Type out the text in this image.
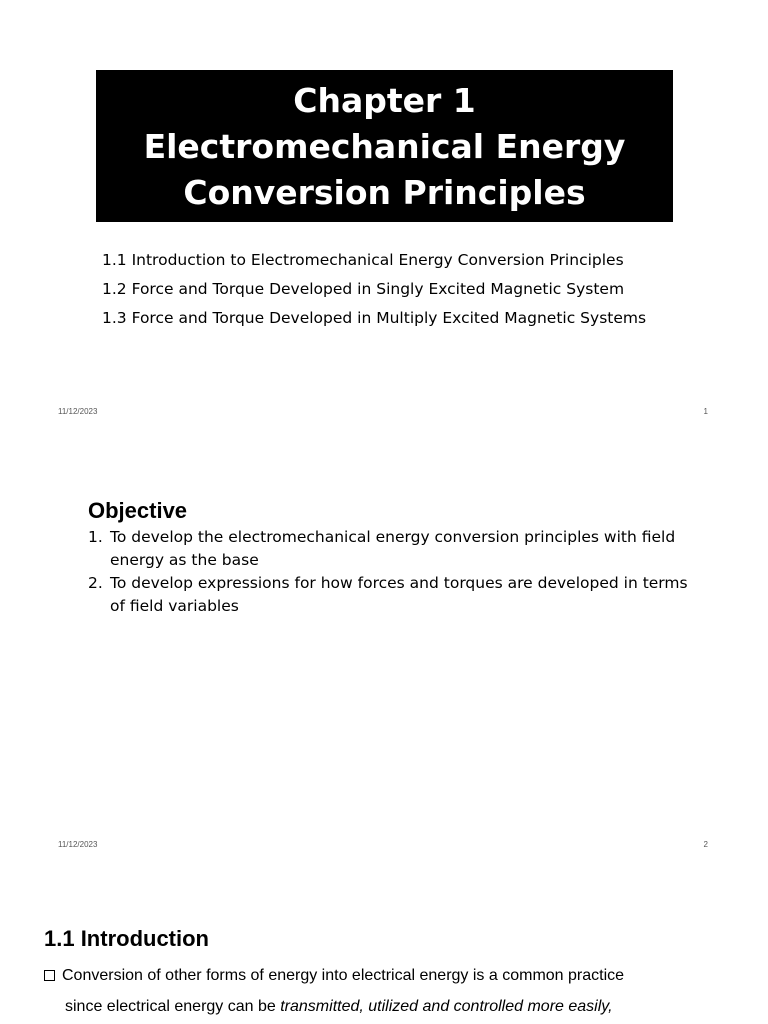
Chapter 1
Electromechanical Energy
Conversion Principles
1.1 Introduction to Electromechanical Energy Conversion Principles
1.2 Force and Torque Developed in Singly Excited Magnetic System
1.3 Force and Torque Developed in Multiply Excited Magnetic Systems
11/12/2023	1
Objective
1. To develop the electromechanical energy conversion principles with field energy as the base
2. To develop expressions for how forces and torques are developed in terms of field variables
11/12/2023	2
1.1 Introduction
Conversion of other forms of energy into electrical energy is a common practice
since electrical energy can be transmitted, utilized and controlled more easily,
